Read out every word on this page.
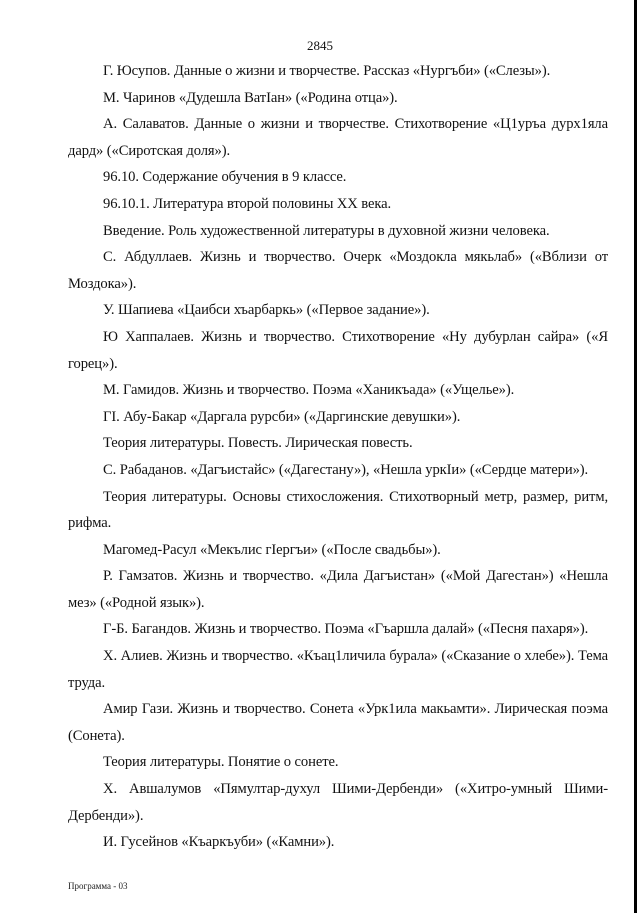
2845

Г. Юсупов. Данные о жизни и творчестве. Рассказ «Нургъби» («Слезы»).

М. Чаринов «Дудешла ВатIан» («Родина отца»).

А. Салаватов. Данные о жизни и творчестве. Стихотворение «Ц1уръа дурх1яла дард» («Сиротская доля»).

96.10. Содержание обучения в 9 классе.

96.10.1. Литература второй половины XX века.

Введение. Роль художественной литературы в духовной жизни человека.

С. Абдуллаев. Жизнь и творчество. Очерк «Моздокла мякьлаб» («Вблизи от Моздока»).

У. Шапиева «Цаибси хъарбаркь» («Первое задание»).

Ю Хаппалаев. Жизнь и творчество. Стихотворение «Ну дубурлан сайра» («Я горец»).

М. Гамидов. Жизнь и творчество. Поэма «Ханикъада» («Ущелье»).

ГI. Абу-Бакар «Даргала рурсби» («Даргинские девушки»).

Теория литературы. Повесть. Лирическая повесть.

С. Рабаданов. «Дагъистайс» («Дагестану»), «Нешла уркIи» («Сердце матери»).

Теория литературы. Основы стихосложения. Стихотворный метр, размер, ритм, рифма.

Магомед-Расул «Мекълис гIергъи» («После свадьбы»).

Р. Гамзатов. Жизнь и творчество. «Дила Дагъистан» («Мой Дагестан») «Нешла мез» («Родной язык»).

Г-Б. Багандов. Жизнь и творчество. Поэма «Гъаршла далай» («Песня пахаря»).

Х. Алиев. Жизнь и творчество. «Къац1личила бурала» («Сказание о хлебе»). Тема труда.

Амир Гази. Жизнь и творчество. Сонета «Урк1ила макьамти». Лирическая поэма (Сонета).

Теория литературы. Понятие о сонете.

Х. Авшалумов «Пямултар-духул Шими-Дербенди» («Хитро-умный Шими-Дербенди»).

И. Гусейнов «Къаркъуби» («Камни»).

Программа - 03
